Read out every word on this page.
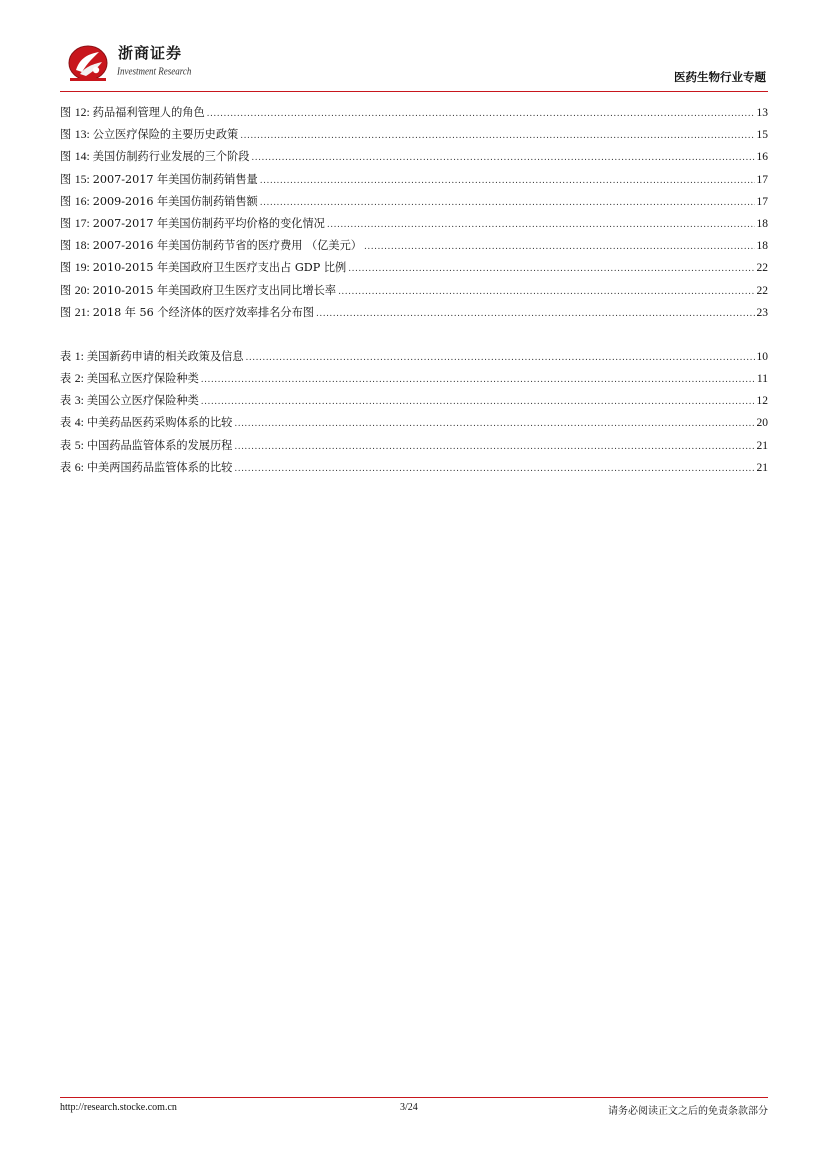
浙商证券
Investment Research	医药生物行业专题
图 12: 药品福利管理人的角色 .....	13
图 13: 公立医疗保险的主要历史政策 .....	15
图 14: 美国仿制药行业发展的三个阶段 .....	16
图 15: 2007-2017 年美国仿制药销售量 .....	17
图 16: 2009-2016 年美国仿制药销售额 .....	17
图 17: 2007-2017 年美国仿制药平均价格的变化情况 .....	18
图 18: 2007-2016 年美国仿制药节省的医疗费用 （亿美元） .....	18
图 19: 2010-2015 年美国政府卫生医疗支出占 GDP 比例 .....	22
图 20: 2010-2015 年美国政府卫生医疗支出同比增长率 .....	22
图 21: 2018 年 56 个经济体的医疗效率排名分布图 .....	23
表 1: 美国新药申请的相关政策及信息 .....	10
表 2: 美国私立医疗保险种类 .....	11
表 3: 美国公立医疗保险种类 .....	12
表 4: 中美药品医药采购体系的比较 .....	20
表 5: 中国药品监管体系的发展历程 .....	21
表 6: 中美两国药品监管体系的比较 .....	21
http://research.stocke.com.cn	3/24	请务必阅读正文之后的免责条款部分
